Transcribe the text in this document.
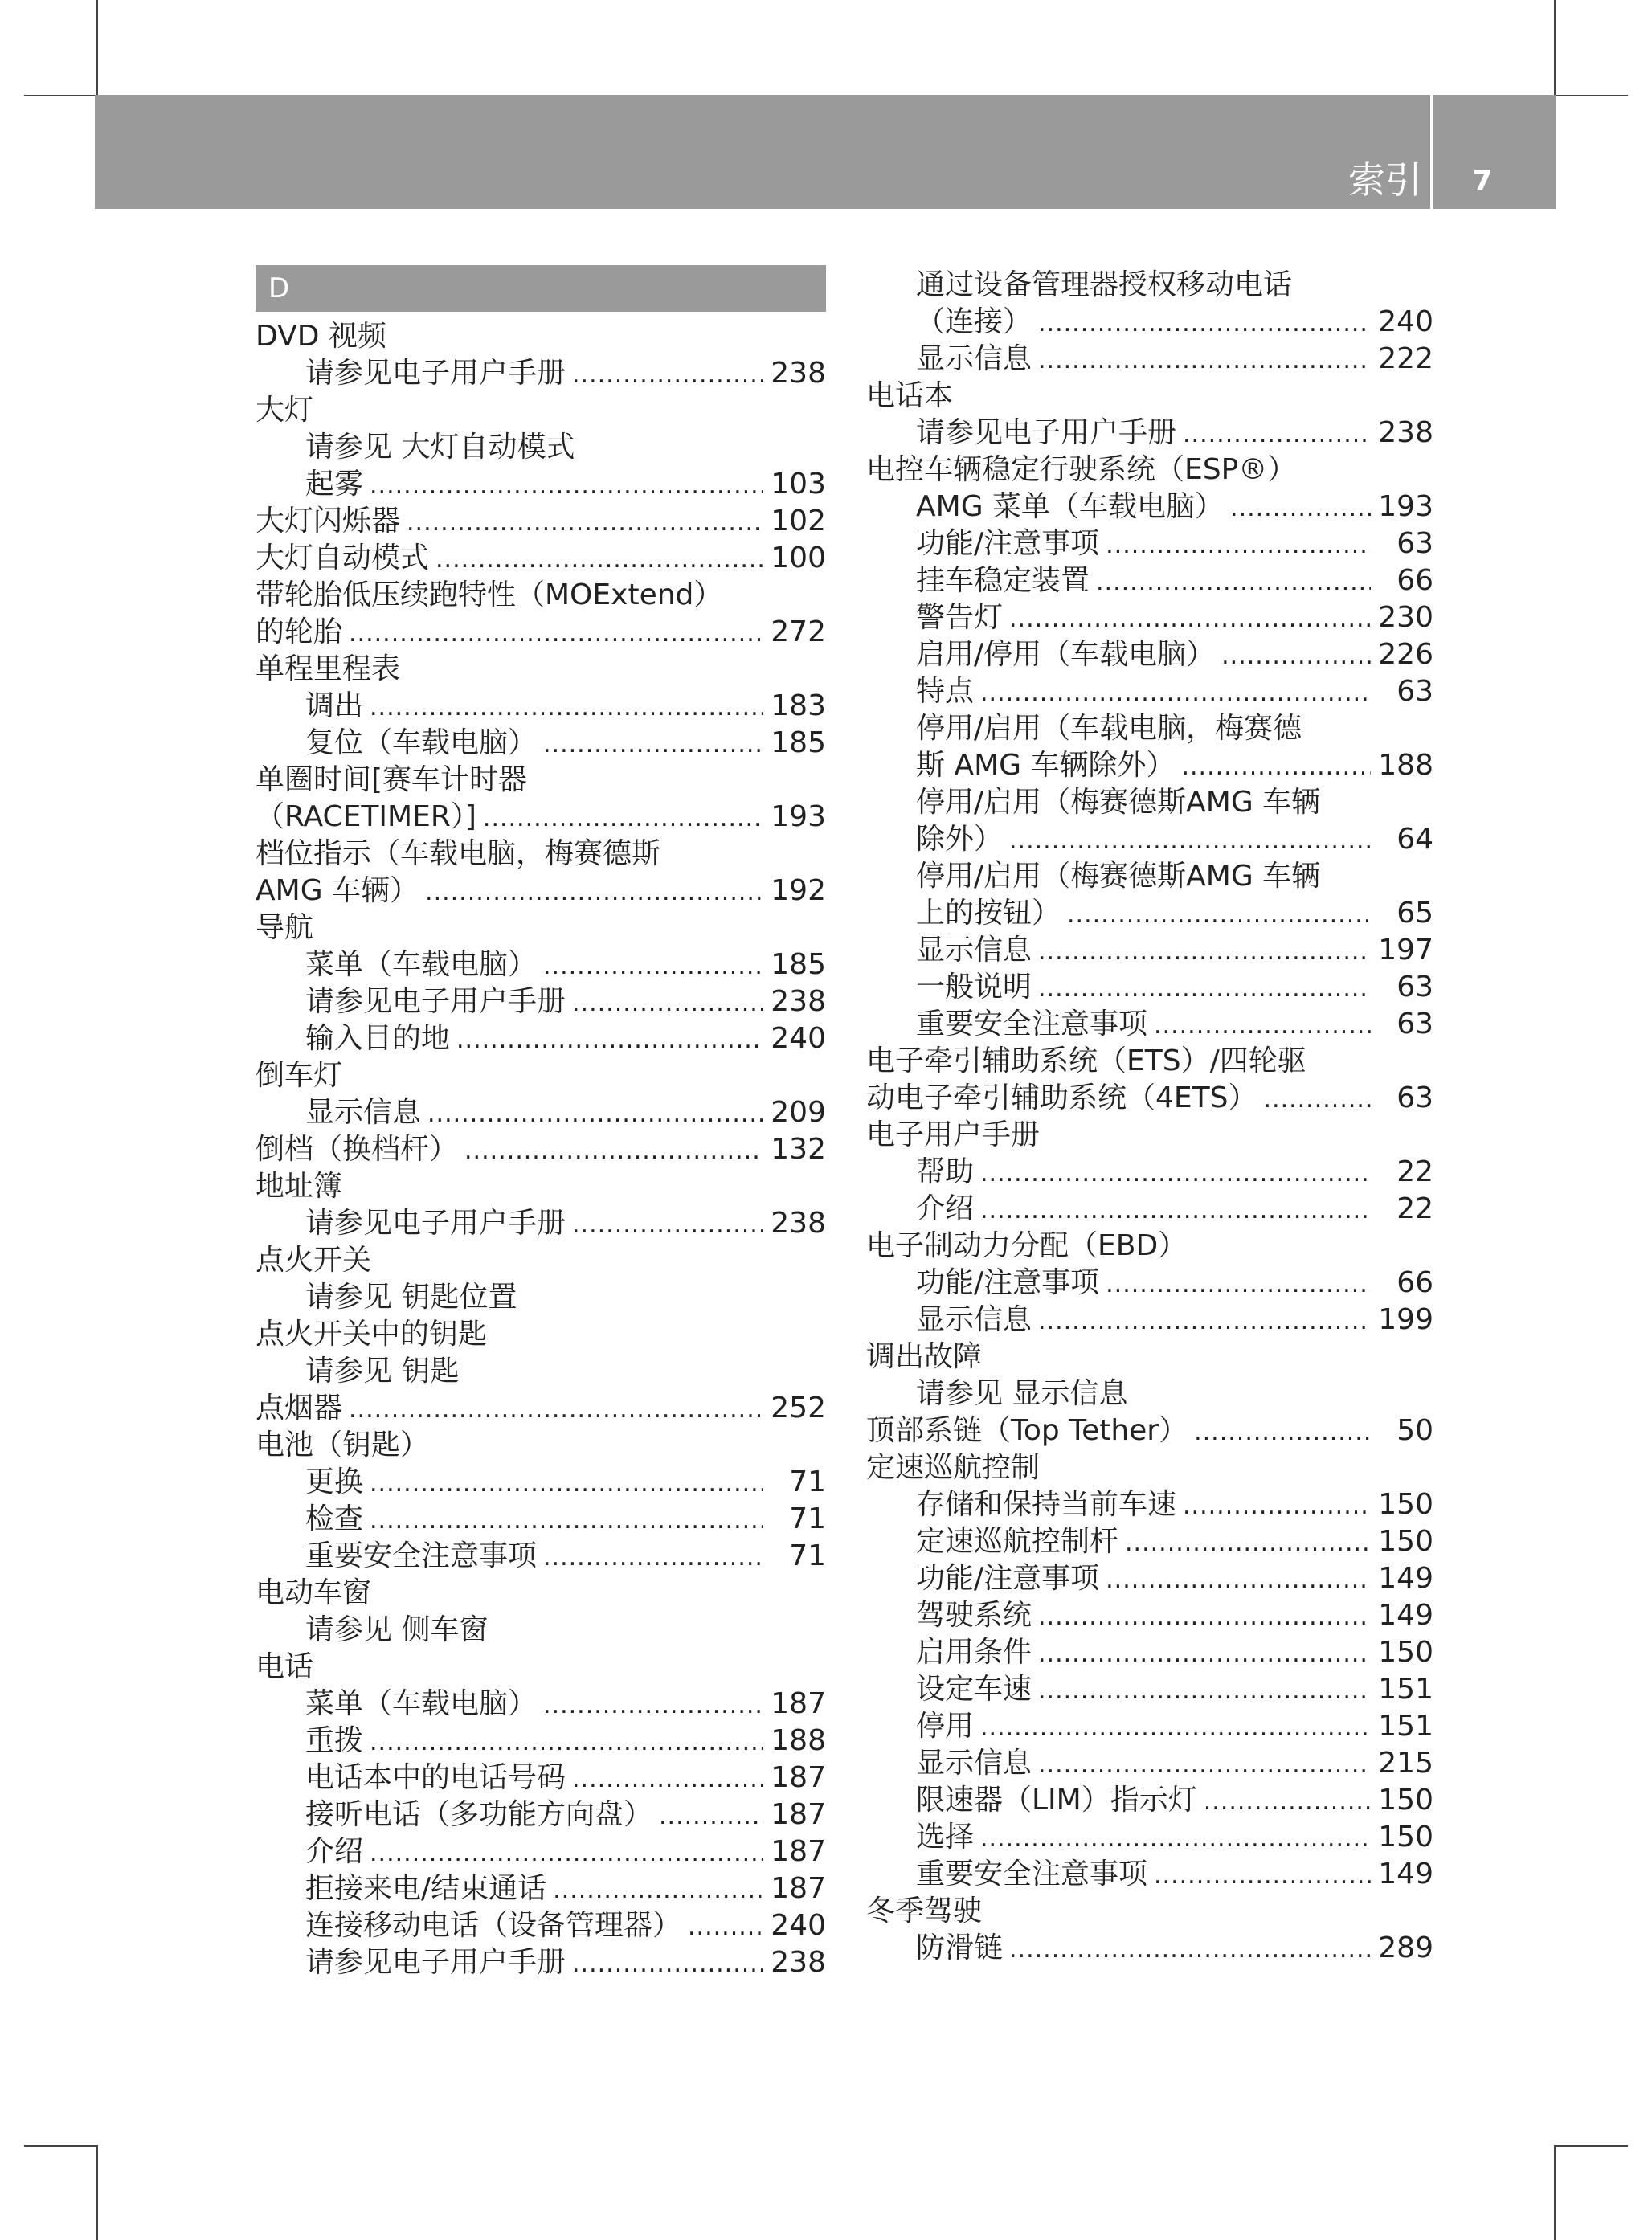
索引	7
D
DVD 视频
请参见电子用户手册 .....	238
大灯
请参见 大灯自动模式
起雾 .....	103
大灯闪烁器 .....	102
大灯自动模式 .....	100
带轮胎低压续跑特性（MOExtend）
的轮胎 .....	272
单程里程表
调出 .....	183
复位（车载电脑） .....	185
单圈时间[赛车计时器
（RACETIMER）] .....	193
档位指示（车载电脑，梅赛德斯
AMG 车辆） .....	192
导航
菜单（车载电脑） .....	185
请参见电子用户手册 .....	238
输入目的地 .....	240
倒车灯
显示信息 .....	209
倒档（换档杆） .....	132
地址簿
请参见电子用户手册 .....	238
点火开关
请参见 钥匙位置
点火开关中的钥匙
请参见 钥匙
点烟器 .....	252
电池（钥匙）
更换 .....	71
检查 .....	71
重要安全注意事项 .....	71
电动车窗
请参见 侧车窗
电话
菜单（车载电脑） .....	187
重拨 .....	188
电话本中的电话号码 .....	187
接听电话（多功能方向盘） .....	187
介绍 .....	187
拒接来电/结束通话 .....	187
连接移动电话（设备管理器） .....	240
请参见电子用户手册 .....	238
通过设备管理器授权移动电话
（连接） .....	240
显示信息 .....	222
电话本
请参见电子用户手册 .....	238
电控车辆稳定行驶系统（ESP®）
AMG 菜单（车载电脑） .....	193
功能/注意事项 .....	63
挂车稳定装置 .....	66
警告灯 .....	230
启用/停用（车载电脑） .....	226
特点 .....	63
停用/启用（车载电脑，梅赛德
斯 AMG 车辆除外） .....	188
停用/启用（梅赛德斯AMG 车辆
除外） .....	64
停用/启用（梅赛德斯AMG 车辆
上的按钮） .....	65
显示信息 .....	197
一般说明 .....	63
重要安全注意事项 .....	63
电子牵引辅助系统（ETS）/四轮驱
动电子牵引辅助系统（4ETS） .....	63
电子用户手册
帮助 .....	22
介绍 .....	22
电子制动力分配（EBD）
功能/注意事项 .....	66
显示信息 .....	199
调出故障
请参见 显示信息
顶部系链（Top Tether） .....	50
定速巡航控制
存储和保持当前车速 .....	150
定速巡航控制杆 .....	150
功能/注意事项 .....	149
驾驶系统 .....	149
启用条件 .....	150
设定车速 .....	151
停用 .....	151
显示信息 .....	215
限速器（LIM）指示灯 .....	150
选择 .....	150
重要安全注意事项 .....	149
冬季驾驶
防滑链 .....	289
